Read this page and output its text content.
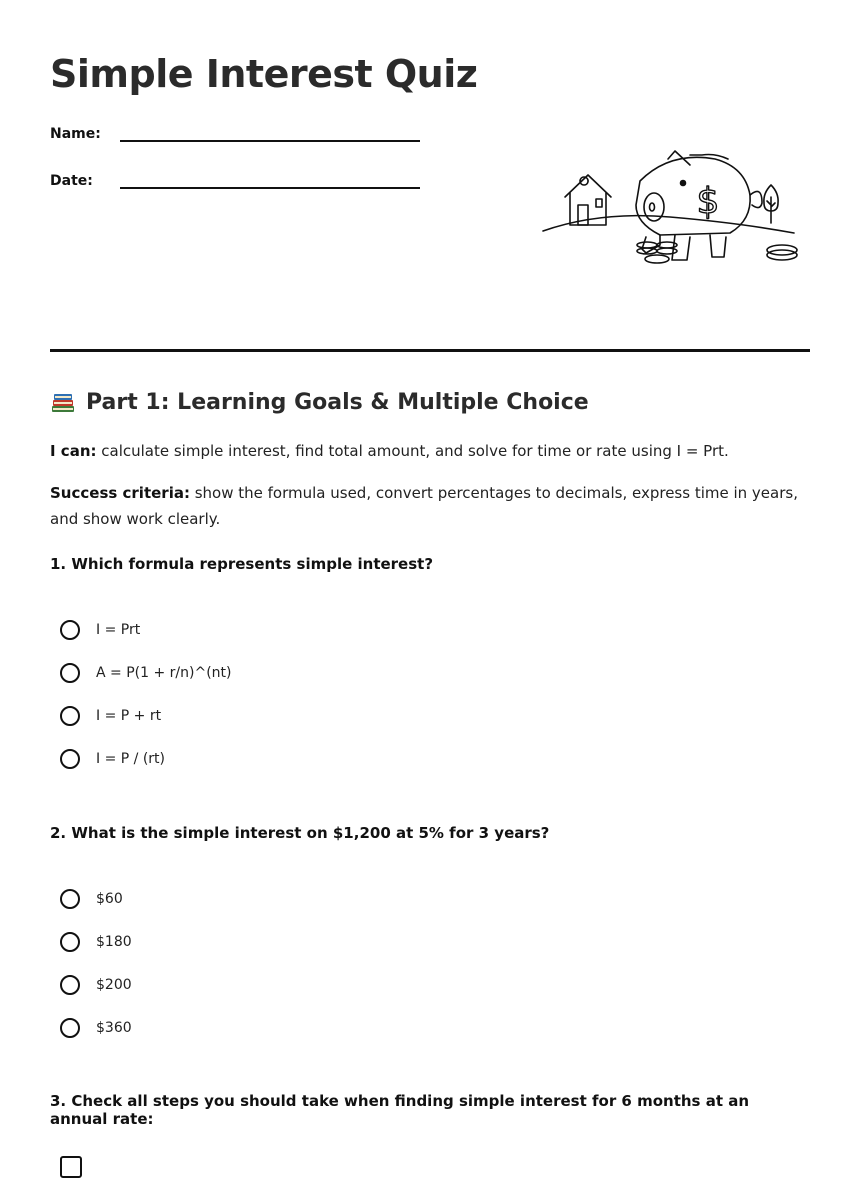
Simple Interest Quiz
Name:
Date:	$
Part 1: Learning Goals & Multiple Choice

I can: calculate simple interest, find total amount, and solve for time or rate using I = Prt.

Success criteria: show the formula used, convert percentages to decimals, express time in years, and show work clearly.

1. Which formula represents simple interest?

I = Prt
A = P(1 + r/n)^(nt)
I = P + rt
I = P / (rt)

2. What is the simple interest on $1,200 at 5% for 3 years?

$60
$180
$200
$360

3. Check all steps you should take when finding simple interest for 6 months at an annual rate:
